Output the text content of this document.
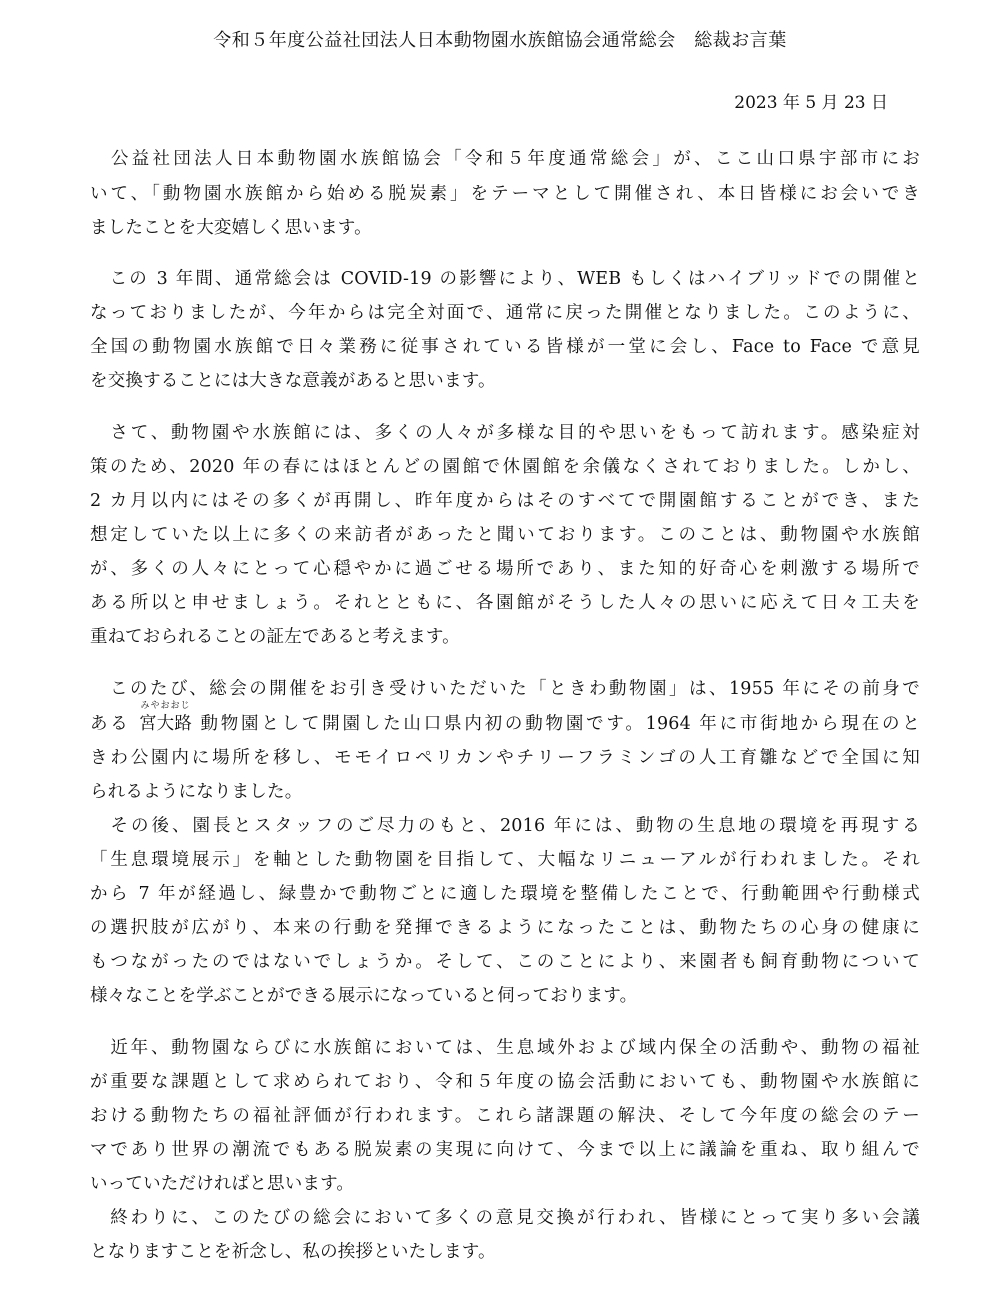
令和５年度公益社団法人日本動物園水族館協会通常総会　総裁お言葉
2023 年 5 月 23 日
　公益社団法人日本動物園水族館協会「令和５年度通常総会」が、ここ山口県宇部市にお
いて、「動物園水族館から始める脱炭素」をテーマとして開催され、本日皆様にお会いでき
ましたことを大変嬉しく思います。
　この 3 年間、通常総会は COVID-19 の影響により、WEB もしくはハイブリッドでの開催と
なっておりましたが、今年からは完全対面で、通常に戻った開催となりました。このように、
全国の動物園水族館で日々業務に従事されている皆様が一堂に会し、Face to Face で意見
を交換することには大きな意義があると思います。
　さて、動物園や水族館には、多くの人々が多様な目的や思いをもって訪れます。感染症対
策のため、2020 年の春にはほとんどの園館で休園館を余儀なくされておりました。しかし、
2 カ月以内にはその多くが再開し、昨年度からはそのすべてで開園館することができ、また
想定していた以上に多くの来訪者があったと聞いております。このことは、動物園や水族館
が、多くの人々にとって心穏やかに過ごせる場所であり、また知的好奇心を刺激する場所で
ある所以と申せましょう。それとともに、各園館がそうした人々の思いに応えて日々工夫を
重ねておられることの証左であると考えます。
　このたび、総会の開催をお引き受けいただいた「ときわ動物園」は、1955 年にその前身で
ある
みやおおじ
宮大路 動物園として開園した山口県内初の動物園です。1964 年に市街地から現在のと
きわ公園内に場所を移し、モモイロペリカンやチリーフラミンゴの人工育雛などで全国に知
られるようになりました。
　その後、園長とスタッフのご尽力のもと、2016 年には、動物の生息地の環境を再現する
「生息環境展示」を軸とした動物園を目指して、大幅なリニューアルが行われました。それ
から 7 年が経過し、緑豊かで動物ごとに適した環境を整備したことで、行動範囲や行動様式
の選択肢が広がり、本来の行動を発揮できるようになったことは、動物たちの心身の健康に
もつながったのではないでしょうか。そして、このことにより、来園者も飼育動物について
様々なことを学ぶことができる展示になっていると伺っております。
　近年、動物園ならびに水族館においては、生息域外および域内保全の活動や、動物の福祉
が重要な課題として求められており、令和５年度の協会活動においても、動物園や水族館に
おける動物たちの福祉評価が行われます。これら諸課題の解決、そして今年度の総会のテー
マであり世界の潮流でもある脱炭素の実現に向けて、今まで以上に議論を重ね、取り組んで
いっていただければと思います。
　終わりに、このたびの総会において多くの意見交換が行われ、皆様にとって実り多い会議
となりますことを祈念し、私の挨拶といたします。
